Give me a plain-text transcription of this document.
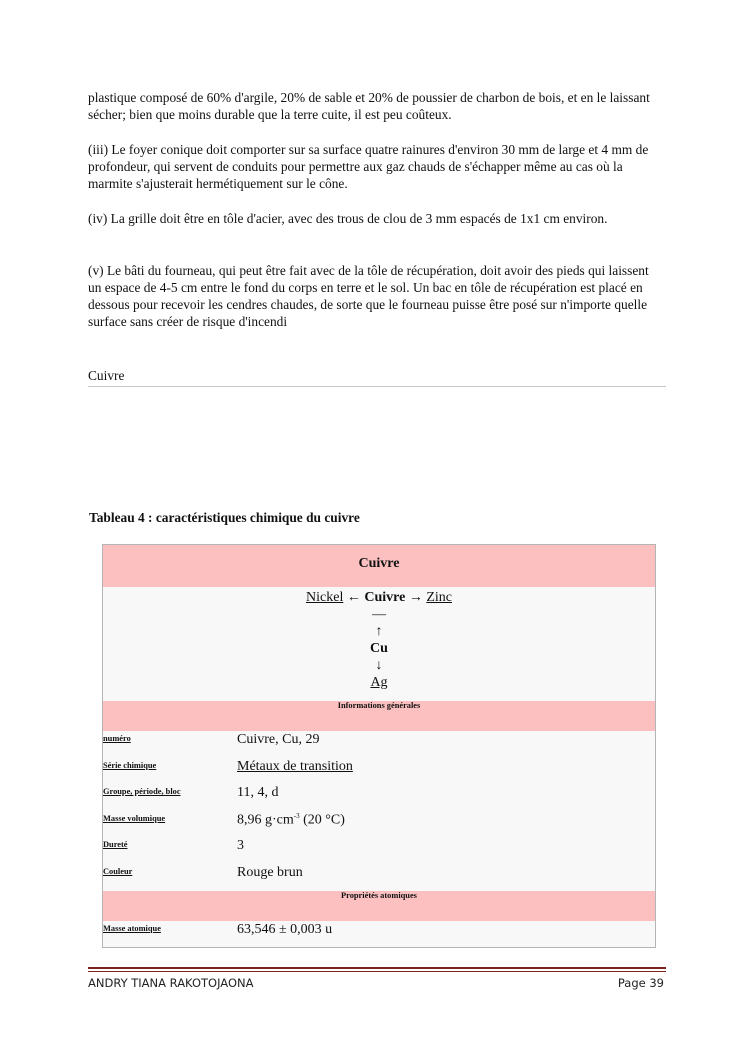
plastique composé de 60% d'argile, 20% de sable et 20% de poussier de charbon de bois, et en le laissant sécher; bien que moins durable que la terre cuite, il est peu coûteux.

(iii) Le foyer conique doit comporter sur sa surface quatre rainures d'environ 30 mm de large et 4 mm de profondeur, qui servent de conduits pour permettre aux gaz chauds de s'échapper même au cas où la marmite s'ajusterait hermétiquement sur le cône.

(iv) La grille doit être en tôle d'acier, avec des trous de clou de 3 mm espacés de 1x1 cm environ.

(v) Le bâti du fourneau, qui peut être fait avec de la tôle de récupération, doit avoir des pieds qui laissent un espace de 4-5 cm entre le fond du corps en terre et le sol. Un bac en tôle de récupération est placé en dessous pour recevoir les cendres chaudes, de sorte que le fourneau puisse être posé sur n'importe quelle surface sans créer de risque d'incendi

Cuivre
Tableau 4 : caractéristiques chimique du cuivre
Cuivre
Nickel ← Cuivre → Zinc
—
↑
Cu
↓
Ag
Informations générales
numéro	Cuivre, Cu, 29
Série chimique	Métaux de transition
Groupe, période, bloc	11, 4, d
Masse volumique	8,96 $g\cdot cm^{-3}$ (20 °C)
Dureté	3
Couleur	Rouge brun
Propriétés atomiques
Masse atomique	63,546 ± 0,003 u
ANDRY TIANA RAKOTOJAONA	Page 39
